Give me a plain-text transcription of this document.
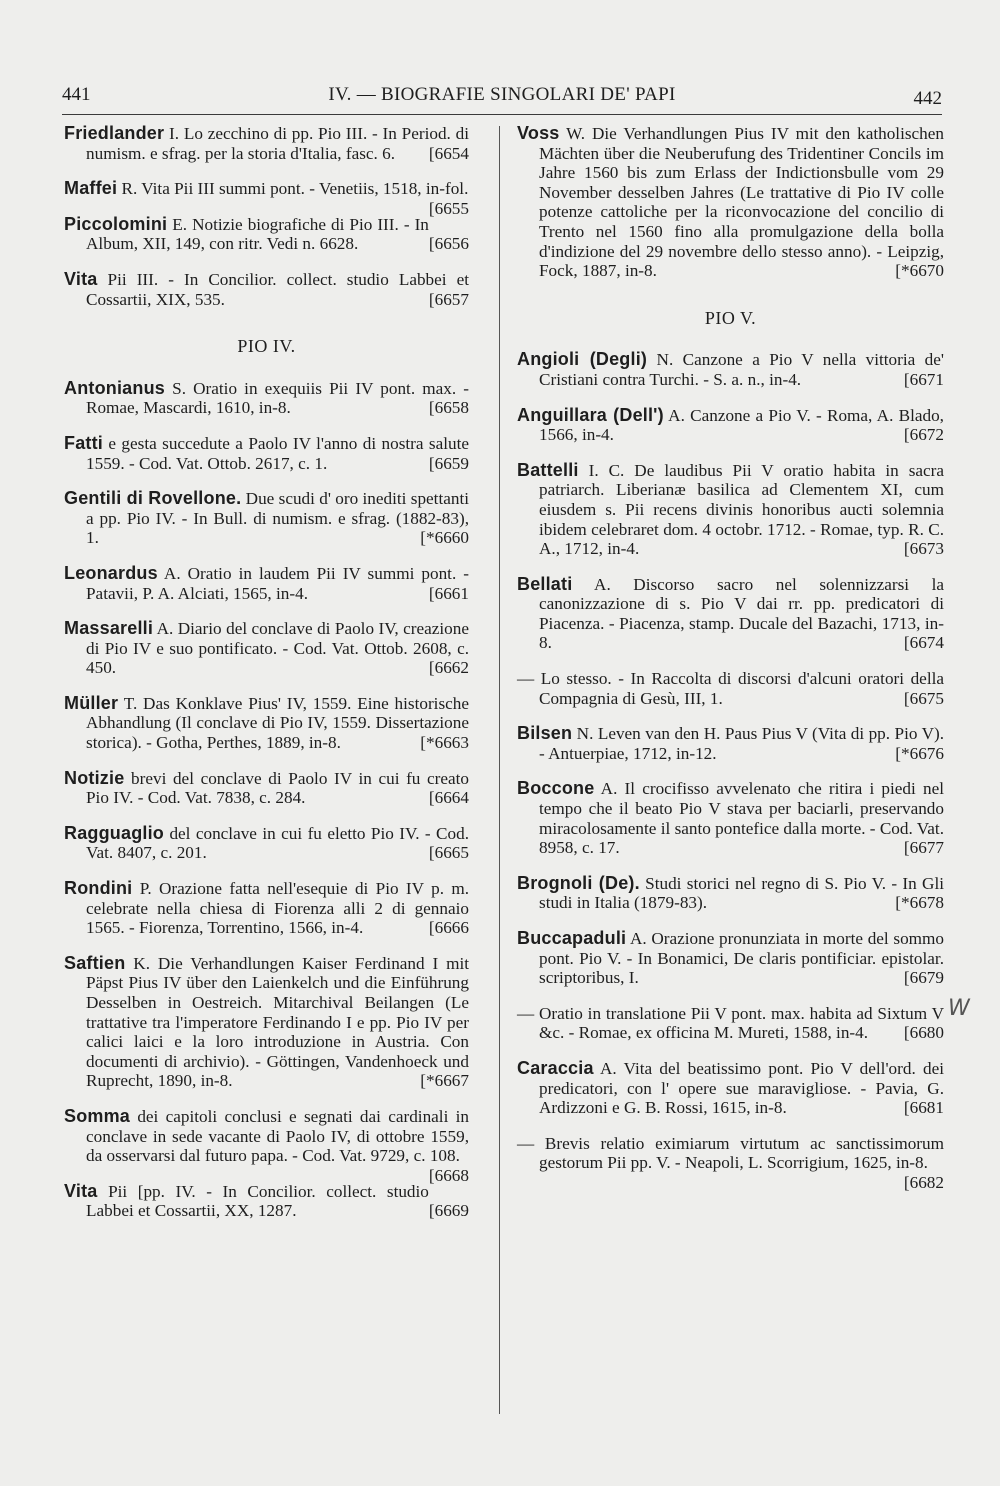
441	IV. — BIOGRAFIE SINGOLARI DE' PAPI	442
Friedlander I. Lo zecchino di pp. Pio III. - In Period. di numism. e sfrag. per la storia d'Italia, fasc. 6. [6654
Maffei R. Vita Pii III summi pont. - Venetiis, 1518, in-fol.
[6655
Piccolomini E. Notizie biografiche di Pio III. - In Album, XII, 149, con ritr. Vedi n. 6628.	[6656
Vita Pii III. - In Concilior. collect. studio Labbei et Cossartii, XIX, 535.	[6657
PIO IV.
Antonianus S. Oratio in exequiis Pii IV pont. max. - Romae, Mascardi, 1610, in-8.	[6658
Fatti e gesta succedute a Paolo IV l'anno di nostra salute 1559. - Cod. Vat. Ottob. 2617, c. 1.	[6659
Gentili di Rovellone. Due scudi d' oro inediti spettanti a pp. Pio IV. - In Bull. di numism. e sfrag. (1882-83), 1.	[*6660
Leonardus A. Oratio in laudem Pii IV summi pont. - Patavii, P. A. Alciati, 1565, in-4.	[6661
Massarelli A. Diario del conclave di Paolo IV, creazione di Pio IV e suo pontificato. - Cod. Vat. Ottob. 2608, c. 450.	[6662
Müller T. Das Konklave Pius' IV, 1559. Eine historische Abhandlung (Il conclave di Pio IV, 1559. Dissertazione storica). - Gotha, Perthes, 1889, in-8.	[*6663
Notizie brevi del conclave di Paolo IV in cui fu creato Pio IV. - Cod. Vat. 7838, c. 284.	[6664
Ragguaglio del conclave in cui fu eletto Pio IV. - Cod. Vat. 8407, c. 201.	[6665
Rondini P. Orazione fatta nell'esequie di Pio IV p. m. celebrate nella chiesa di Fiorenza alli 2 di gennaio 1565. - Fiorenza, Torrentino, 1566, in-4.	[6666
Saftien K. Die Verhandlungen Kaiser Ferdinand I mit Päpst Pius IV über den Laienkelch und die Einführung Desselben in Oestreich. Mitarchival Beilangen (Le trattative tra l'imperatore Ferdinando I e pp. Pio IV per calici laici e la loro introduzione in Austria. Con documenti di archivio). - Göttingen, Vandenhoeck und Ruprecht, 1890, in-8.	[*6667
Somma dei capitoli conclusi e segnati dai cardinali in conclave in sede vacante di Paolo IV, di ottobre 1559, da osservarsi dal futuro papa. - Cod. Vat. 9729, c. 108.
[6668
Vita Pii [pp. IV. - In Concilior. collect. studio Labbei et Cossartii, XX, 1287.	[6669
Voss W. Die Verhandlungen Pius IV mit den katholischen Mächten über die Neuberufung des Tridentiner Concils im Jahre 1560 bis zum Erlass der Indictionsbulle vom 29 November desselben Jahres (Le trattative di Pio IV colle potenze cattoliche per la riconvocazione del concilio di Trento nel 1560 fino alla promulgazione della bolla d'indizione del 29 novembre dello stesso anno). - Leipzig, Fock, 1887, in-8.	[*6670
PIO V.
Angioli (Degli) N. Canzone a Pio V nella vittoria de' Cristiani contra Turchi. - S. a. n., in-4.	[6671
Anguillara (Dell') A. Canzone a Pio V. - Roma, A. Blado, 1566, in-4.	[6672
Battelli I. C. De laudibus Pii V oratio habita in sacra patriarch. Liberianæ basilica ad Clementem XI, cum eiusdem s. Pii recens divinis honoribus aucti solemnia ibidem celebraret dom. 4 octobr. 1712. - Romae, typ. R. C. A., 1712, in-4.	[6673
Bellati A. Discorso sacro nel solennizzarsi la canonizzazione di s. Pio V dai rr. pp. predicatori di Piacenza. - Piacenza, stamp. Ducale del Bazachi, 1713, in-8.	[6674
— Lo stesso. - In Raccolta di discorsi d'alcuni oratori della Compagnia di Gesù, III, 1.	[6675
Bilsen N. Leven van den H. Paus Pius V (Vita di pp. Pio V). - Antuerpiae, 1712, in-12.	[*6676
Boccone A. Il crocifisso avvelenato che ritira i piedi nel tempo che il beato Pio V stava per baciarli, preservando miracolosamente il santo pontefice dalla morte. - Cod. Vat. 8958, c. 17.	[6677
Brognoli (De). Studi storici nel regno di S. Pio V. - In Gli studi in Italia (1879-83).	[*6678
Buccapaduli A. Orazione pronunziata in morte del sommo pont. Pio V. - In Bonamici, De claris pontificiar. epistolar. scriptoribus, I.	[6679
— Oratio in translatione Pii V pont. max. habita ad Sixtum V &c. - Romae, ex officina M. Mureti, 1588, in-4. [6680
Caraccia A. Vita del beatissimo pont. Pio V dell'ord. dei predicatori, con l' opere sue maravigliose. - Pavia, G. Ardizzoni e G. B. Rossi, 1615, in-8.	[6681
— Brevis relatio eximiarum virtutum ac sanctissimorum gestorum Pii pp. V. - Neapoli, L. Scorrigium, 1625, in-8.
[6682
W
